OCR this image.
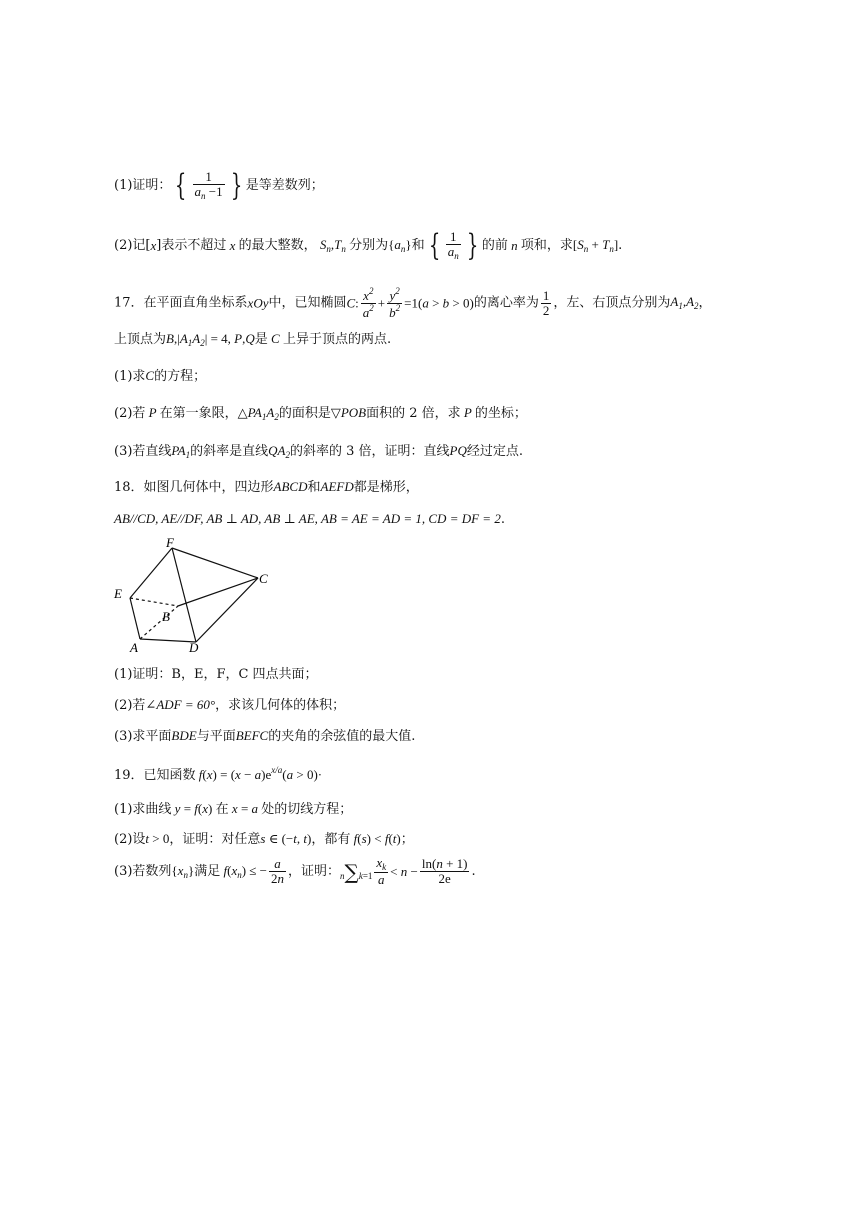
(1)证明： { $\frac{1}{a_n -1}$ } 是等差数列；
(2)记[x]表示不超过 x 的最大整数， $S_n,T_n$ 分别为$\{a_n\}$和 { $\frac{1}{a_n}$ } 的前 n 项和，求$[S_n + T_n]$.
17．在平面直角坐标系xOy中，已知椭圆C: $\frac{x^2}{a^2} + \frac{y^2}{b^2} =1(a > b > 0)$的离心率为 $\frac{1}{2}$ ，左、右顶点分别为$A_1,A_2$，
上顶点为$B,|A_1A_2| = 4$, P,Q是 C 上异于顶点的两点.
(1)求C的方程；
(2)若 P 在第一象限，$\triangle PA_1A_2$的面积是▽POB面积的 2 倍，求 P 的坐标；
(3)若直线$PA_1$的斜率是直线$QA_2$的斜率的 3 倍，证明：直线PQ经过定点.
18．如图几何体中，四边形ABCD和AEFD都是梯形，
AB//CD, AE//DF, AB ⊥ AD, AB ⊥ AE, AB = AE = AD = 1, CD = DF = 2.
F
C
E
B
A	D
(1)证明：B，E，F，C 四点共面；
(2)若∠ADF = 60°，求该几何体的体积；
(3)求平面BDE与平面BEFC的夹角的余弦值的最大值.
19．已知函数 $f(x) = (x - a)e^{x/a}(a > 0)\cdot$
(1)求曲线 y = f(x) 在 x = a 处的切线方程；
(2)设t > 0，证明：对任意s ∈ (−t, t)，都有 f(s) < f(t)；
(3)若数列$\{x_n\}$满足 $f(x_n)$ ≤ − $\frac{a}{2n}$ ，证明：$n\sum k=1 \frac{x_k}{a} < n - \frac{\ln(n + 1)}{2e}$ .
